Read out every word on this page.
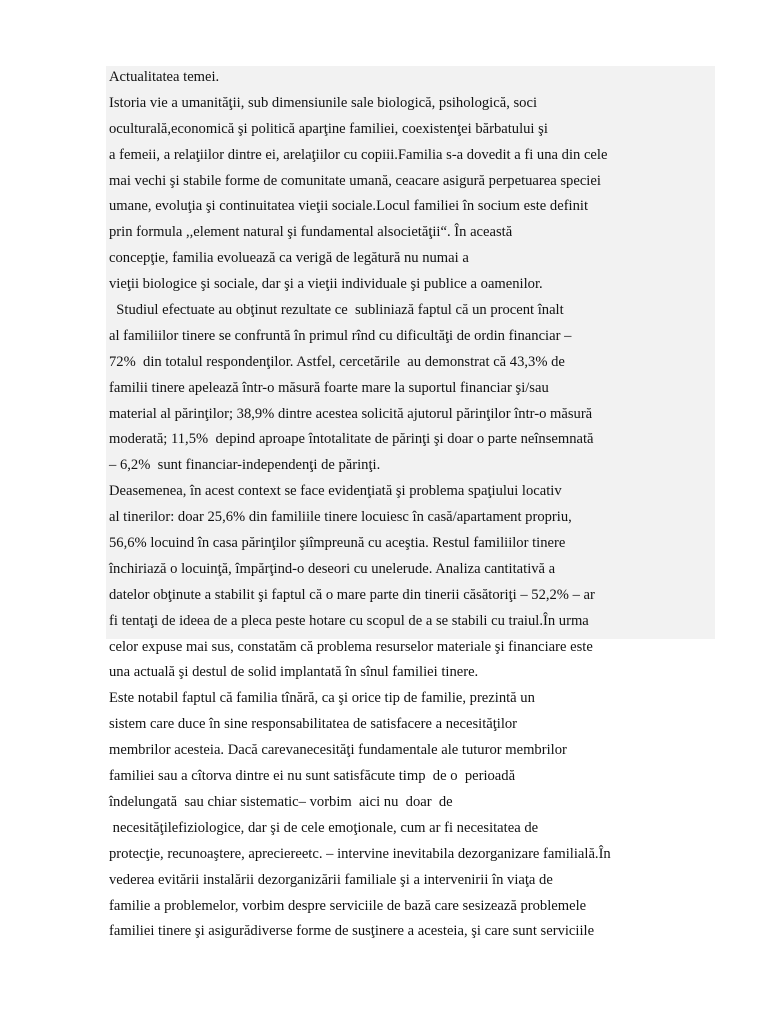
Actualitatea temei.
Istoria vie a umanităţii, sub dimensiunile sale biologică, psihologică, soci
oculturală,economică şi politică aparţine familiei, coexistenţei bărbatului şi
a femeii, a relaţiilor dintre ei, arelaţiilor cu copiii.Familia s-a dovedit a fi una din cele
mai vechi şi stabile forme de comunitate umană, ceacare asigură perpetuarea speciei
umane, evoluţia şi continuitatea vieţii sociale.Locul familiei în socium este definit
prin formula ,,element natural şi fundamental alsocietăţii“. În această
concepţie, familia evoluează ca verigă de legătură nu numai a
vieţii biologice şi sociale, dar şi a vieţii individuale şi publice a oamenilor.
Studiul efectuate au obţinut rezultate ce  subliniază faptul că un procent înalt
al familiilor tinere se confruntă în primul rînd cu dificultăţi de ordin financiar –
72%  din totalul respondenţilor. Astfel, cercetările  au demonstrat că 43,3% de
familii tinere apelează într-o măsură foarte mare la suportul financiar şi/sau
material al părinţilor; 38,9% dintre acestea solicită ajutorul părinţilor într-o măsură
moderată; 11,5%  depind aproape întotalitate de părinţi şi doar o parte neînsemnată
– 6,2%  sunt financiar-independenţi de părinţi.
Deasemenea, în acest context se face evidenţiată şi problema spaţiului locativ
al tinerilor: doar 25,6% din familiile tinere locuiesc în casă/apartament propriu,
56,6% locuind în casa părinţilor şiîmpreună cu aceştia. Restul familiilor tinere
închiriază o locuinţă, împărţind-o deseori cu unelerude. Analiza cantitativă a
datelor obţinute a stabilit şi faptul că o mare parte din tinerii căsătoriţi – 52,2% – ar
fi tentaţi de ideea de a pleca peste hotare cu scopul de a se stabili cu traiul.În urma
celor expuse mai sus, constatăm că problema resurselor materiale şi financiare este
una actuală şi destul de solid implantată în sînul familiei tinere.
Este notabil faptul că familia tînără, ca şi orice tip de familie, prezintă un
sistem care duce în sine responsabilitatea de satisfacere a necesităţilor
membrilor acesteia. Dacă carevanecesităţi fundamentale ale tuturor membrilor
familiei sau a cîtorva dintre ei nu sunt satisfăcute timp  de o  perioadă
îndelungată  sau chiar sistematic– vorbim  aici nu  doar  de
necesităţilefiziologice, dar şi de cele emoţionale, cum ar fi necesitatea de
protecţie, recunoaştere, apreciereetc. – intervine inevitabila dezorganizare familială.În
vederea evitării instalării dezorganizării familiale şi a intervenirii în viaţa de
familie a problemelor, vorbim despre serviciile de bază care sesizează problemele
familiei tinere şi asigurădiverse forme de susţinere a acesteia, şi care sunt serviciile
